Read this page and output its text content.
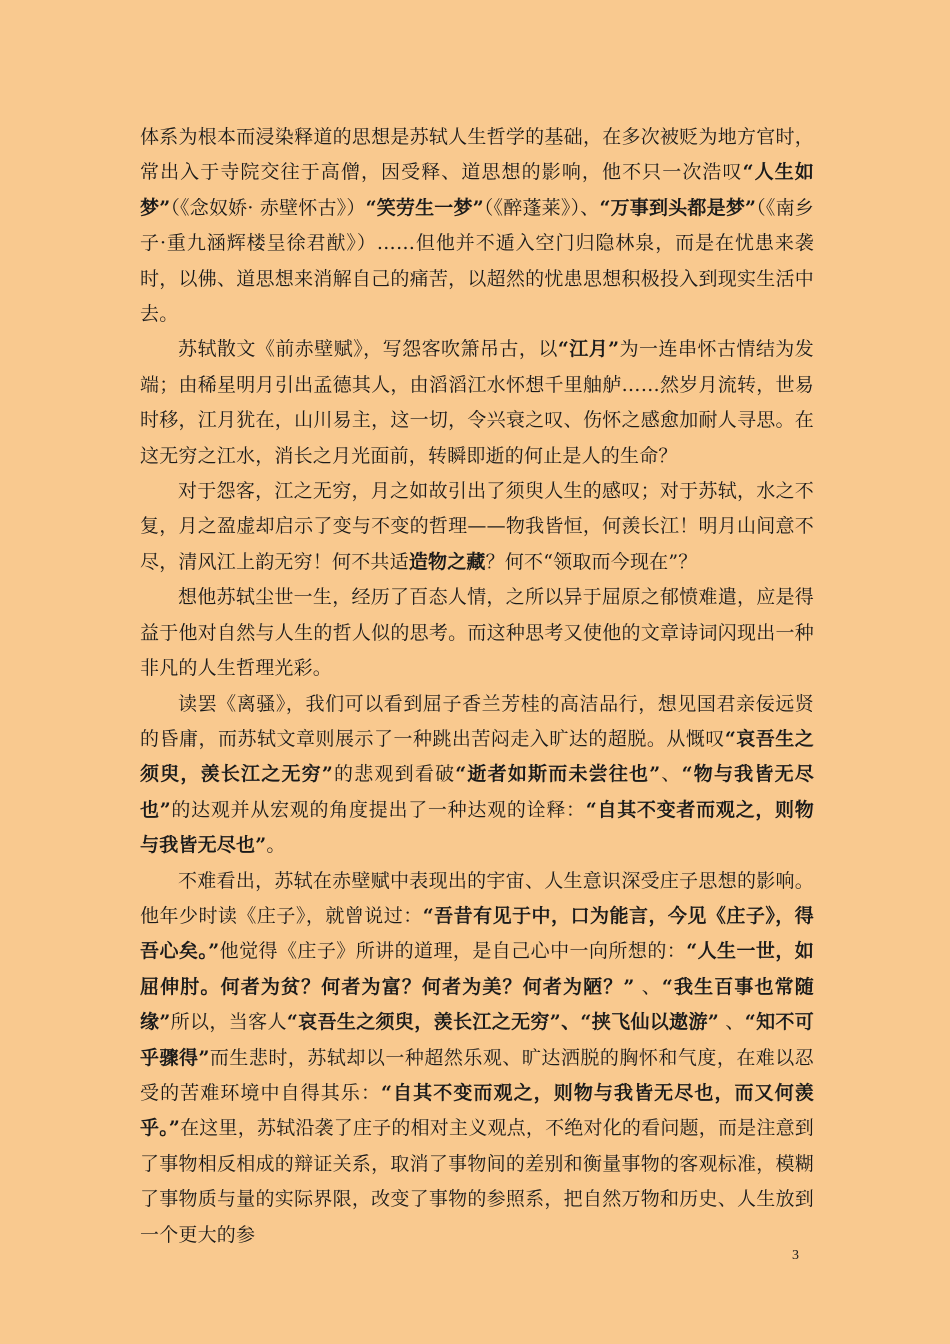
体系为根本而浸染释道的思想是苏轼人生哲学的基础，在多次被贬为地方官时，常出入于寺院交往于高僧，因受释、道思想的影响，他不只一次浩叹“人生如梦”（《念奴娇· 赤壁怀古》）“笑劳生一梦”（《醉蓬莱》）、“万事到头都是梦”（《南乡子·重九涵辉楼呈徐君猷》）……但他并不遁入空门归隐林泉，而是在忧患来袭时，以佛、道思想来消解自己的痛苦，以超然的忧患思想积极投入到现实生活中去。

苏轼散文《前赤壁赋》，写怨客吹箫吊古，以“江月”为一连串怀古情结为发端；由稀星明月引出孟德其人，由滔滔江水怀想千里舳舻……然岁月流转，世易时移，江月犹在，山川易主，这一切，令兴衰之叹、伤怀之感愈加耐人寻思。在这无穷之江水，消长之月光面前，转瞬即逝的何止是人的生命？

对于怨客，江之无穷，月之如故引出了须臾人生的感叹；对于苏轼，水之不复，月之盈虚却启示了变与不变的哲理——物我皆恒，何羡长江！明月山间意不尽，清风江上韵无穷！何不共适造物之藏？何不“领取而今现在”？

想他苏轼尘世一生，经历了百态人情，之所以异于屈原之郁愤难遣，应是得益于他对自然与人生的哲人似的思考。而这种思考又使他的文章诗词闪现出一种非凡的人生哲理光彩。

读罢《离骚》，我们可以看到屈子香兰芳桂的高洁品行，想见国君亲佞远贤的昏庸，而苏轼文章则展示了一种跳出苦闷走入旷达的超脱。从慨叹“哀吾生之须臾，羡长江之无穷”的悲观到看破“逝者如斯而未尝往也”、“物与我皆无尽也”的达观并从宏观的角度提出了一种达观的诠释：“自其不变者而观之，则物与我皆无尽也”。

不难看出，苏轼在赤壁赋中表现出的宇宙、人生意识深受庄子思想的影响。他年少时读《庄子》，就曾说过：“吾昔有见于中，口为能言，今见《庄子》，得吾心矣。”他觉得《庄子》所讲的道理，是自己心中一向所想的：“人生一世，如屈伸肘。何者为贫？何者为富？何者为美？何者为陋？” 、“我生百事也常随缘”所以，当客人“哀吾生之须臾，羡长江之无穷”、“挟飞仙以遨游” 、“知不可乎骤得”而生悲时，苏轼却以一种超然乐观、旷达洒脱的胸怀和气度，在难以忍受的苦难环境中自得其乐：“自其不变而观之，则物与我皆无尽也，而又何羡乎。”在这里，苏轼沿袭了庄子的相对主义观点，不绝对化的看问题，而是注意到了事物相反相成的辩证关系，取消了事物间的差别和衡量事物的客观标准，模糊了事物质与量的实际界限，改变了事物的参照系，把自然万物和历史、人生放到一个更大的参

3
